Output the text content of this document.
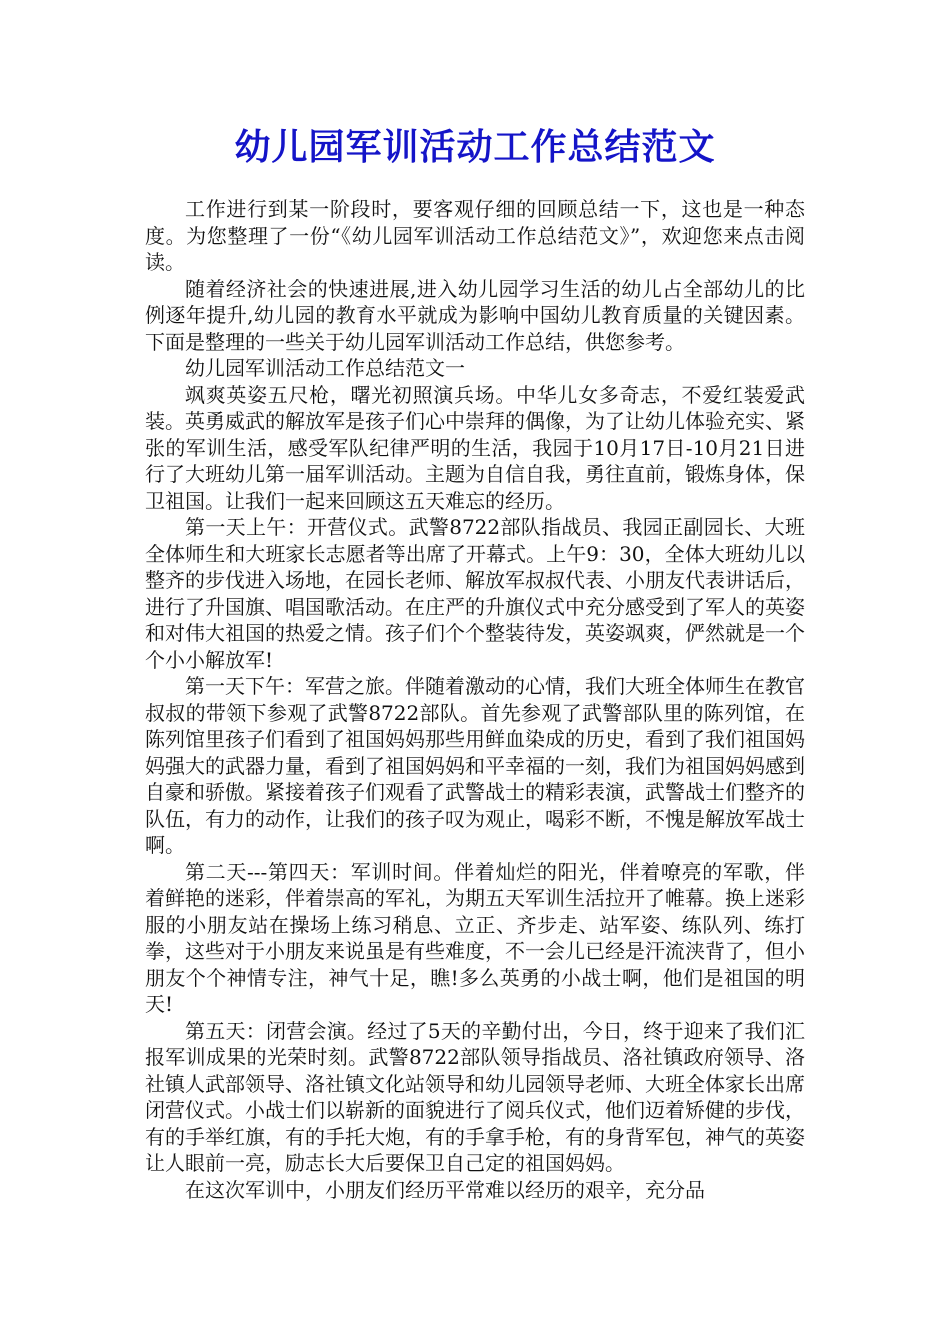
幼儿园军训活动工作总结范文

工作进行到某一阶段时，要客观仔细的回顾总结一下，这也是一种态度。为您整理了一份“《幼儿园军训活动工作总结范文》”，欢迎您来点击阅读。

随着经济社会的快速进展,进入幼儿园学习生活的幼儿占全部幼儿的比例逐年提升,幼儿园的教育水平就成为影响中国幼儿教育质量的关键因素。下面是整理的一些关于幼儿园军训活动工作总结，供您参考。

幼儿园军训活动工作总结范文一

飒爽英姿五尺枪，曙光初照演兵场。中华儿女多奇志，不爱红装爱武装。英勇威武的解放军是孩子们心中崇拜的偶像，为了让幼儿体验充实、紧张的军训生活，感受军队纪律严明的生活，我园于10月17日-10月21日进行了大班幼儿第一届军训活动。主题为自信自我，勇往直前，锻炼身体，保卫祖国。让我们一起来回顾这五天难忘的经历。

第一天上午：开营仪式。武警8722部队指战员、我园正副园长、大班全体师生和大班家长志愿者等出席了开幕式。上午9：30，全体大班幼儿以整齐的步伐进入场地，在园长老师、解放军叔叔代表、小朋友代表讲话后，进行了升国旗、唱国歌活动。在庄严的升旗仪式中充分感受到了军人的英姿和对伟大祖国的热爱之情。孩子们个个整装待发，英姿飒爽，俨然就是一个个小小解放军!

第一天下午：军营之旅。伴随着激动的心情，我们大班全体师生在教官叔叔的带领下参观了武警8722部队。首先参观了武警部队里的陈列馆，在陈列馆里孩子们看到了祖国妈妈那些用鲜血染成的历史，看到了我们祖国妈妈强大的武器力量，看到了祖国妈妈和平幸福的一刻，我们为祖国妈妈感到自豪和骄傲。紧接着孩子们观看了武警战士的精彩表演，武警战士们整齐的队伍，有力的动作，让我们的孩子叹为观止，喝彩不断，不愧是解放军战士啊。

第二天---第四天：军训时间。伴着灿烂的阳光，伴着嘹亮的军歌，伴着鲜艳的迷彩，伴着崇高的军礼，为期五天军训生活拉开了帷幕。换上迷彩服的小朋友站在操场上练习稍息、立正、齐步走、站军姿、练队列、练打拳，这些对于小朋友来说虽是有些难度，不一会儿已经是汗流浃背了，但小朋友个个神情专注，神气十足，瞧!多么英勇的小战士啊，他们是祖国的明天!

第五天：闭营会演。经过了5天的辛勤付出，今日，终于迎来了我们汇报军训成果的光荣时刻。武警8722部队领导指战员、洛社镇政府领导、洛社镇人武部领导、洛社镇文化站领导和幼儿园领导老师、大班全体家长出席闭营仪式。小战士们以崭新的面貌进行了阅兵仪式，他们迈着矫健的步伐，有的手举红旗，有的手托大炮，有的手拿手枪，有的身背军包，神气的英姿让人眼前一亮，励志长大后要保卫自己定的祖国妈妈。

在这次军训中，小朋友们经历平常难以经历的艰辛，充分品
